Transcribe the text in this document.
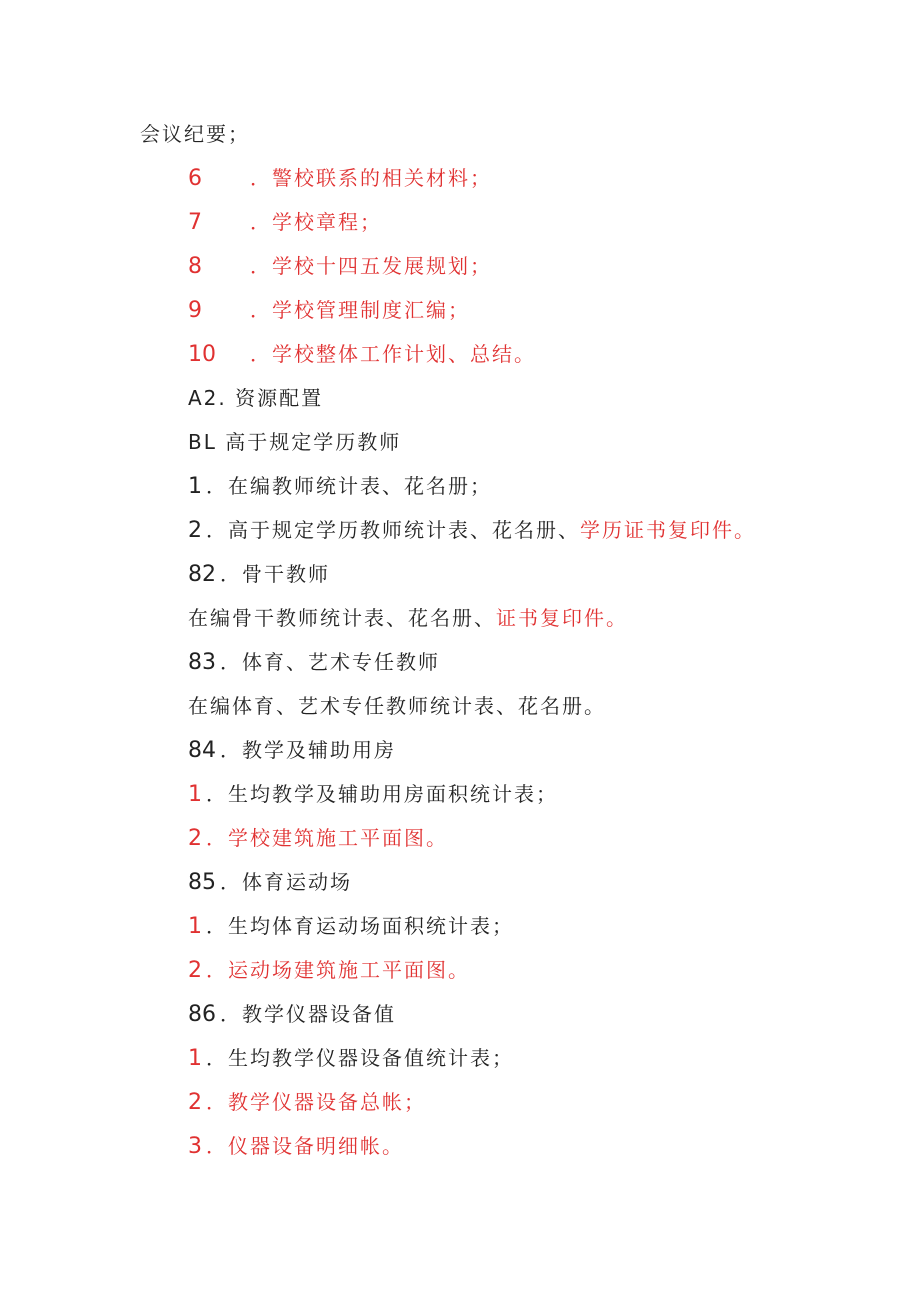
会议纪要；
6 ．警校联系的相关材料；
7 ．学校章程；
8 ．学校十四五发展规划；
9 ．学校管理制度汇编；
10 ．学校整体工作计划、总结。
A2. 资源配置
BL 高于规定学历教师
1 ．在编教师统计表、花名册；
2 ．高于规定学历教师统计表、花名册、学历证书复印件。
82 ．骨干教师
在编骨干教师统计表、花名册、证书复印件。
83 ．体育、艺术专任教师
在编体育、艺术专任教师统计表、花名册。
84 ．教学及辅助用房
1 ．生均教学及辅助用房面积统计表；
2 ．学校建筑施工平面图。
85 ．体育运动场
1 ．生均体育运动场面积统计表；
2 ．运动场建筑施工平面图。
86 ．教学仪器设备值
1 ．生均教学仪器设备值统计表；
2 ．教学仪器设备总帐；
3 ．仪器设备明细帐。
